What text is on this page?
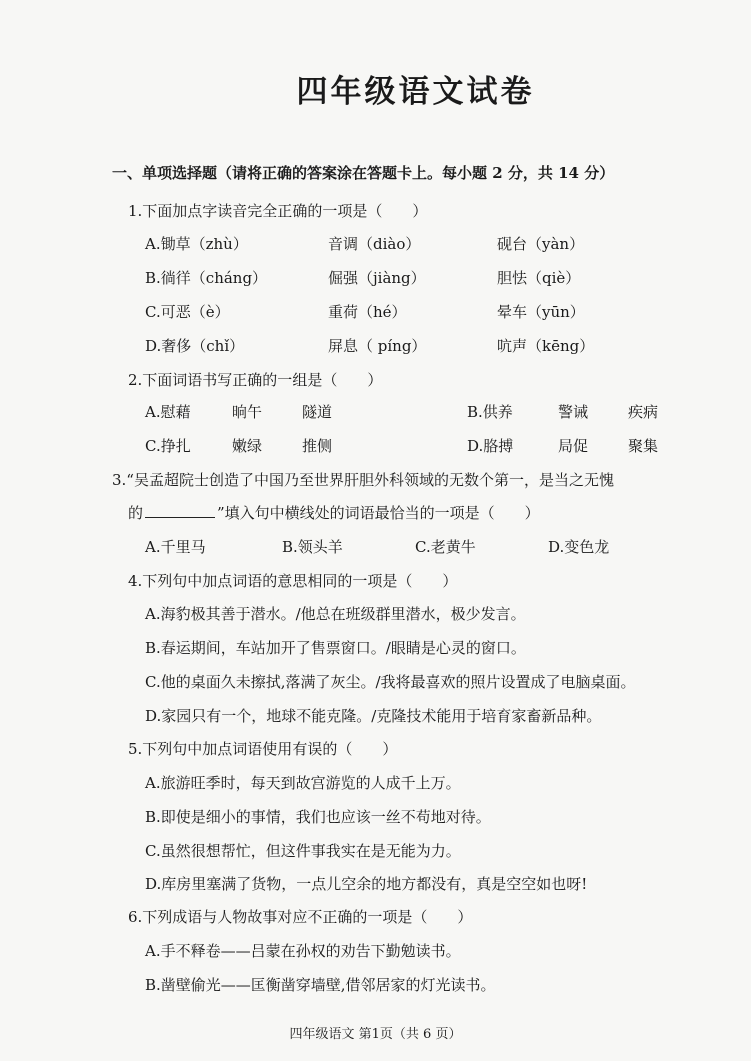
四年级语文试卷
一、单项选择题（请将正确的答案涂在答题卡上。每小题 2 分，共 14 分）
1.下面加点字读音完全正确的一项是（　　）
A.锄草（zhù）	音调（diào）	砚台（yàn）
B.徜徉（cháng）	倔强（jiàng）	胆怯（qiè）
C.可恶（è）	重荷（hé）	晕车（yūn）
D.奢侈（chǐ）	屏息（ píng）	吭声（kēng）
2.下面词语书写正确的一组是（　　）
A.慰藉	晌午	隧道	B.供养	警诫	疾病
C.挣扎	嫩绿	推侧	D.胳搏	局促	聚集
3.“吴孟超院士创造了中国乃至世界肝胆外科领域的无数个第一，是当之无愧
的	”填入句中横线处的词语最恰当的一项是（　　）
A.千里马	B.领头羊	C.老黄牛	D.变色龙
4.下列句中加点词语的意思相同的一项是（　　）
A.海豹极其善于潜水。/他总在班级群里潜水，极少发言。
B.春运期间，车站加开了售票窗口。/眼睛是心灵的窗口。
C.他的桌面久未擦拭,落满了灰尘。/我将最喜欢的照片设置成了电脑桌面。
D.家园只有一个，地球不能克隆。/克隆技术能用于培育家畜新品种。
5.下列句中加点词语使用有误的（　　）
A.旅游旺季时，每天到故宫游览的人成千上万。
B.即使是细小的事情，我们也应该一丝不苟地对待。
C.虽然很想帮忙，但这件事我实在是无能为力。
D.库房里塞满了货物，一点儿空余的地方都没有，真是空空如也呀!
6.下列成语与人物故事对应不正确的一项是（　　）
A.手不释卷——吕蒙在孙权的劝告下勤勉读书。
B.凿壁偷光——匡衡凿穿墙壁,借邻居家的灯光读书。
四年级语文 第1页（共 6 页）
